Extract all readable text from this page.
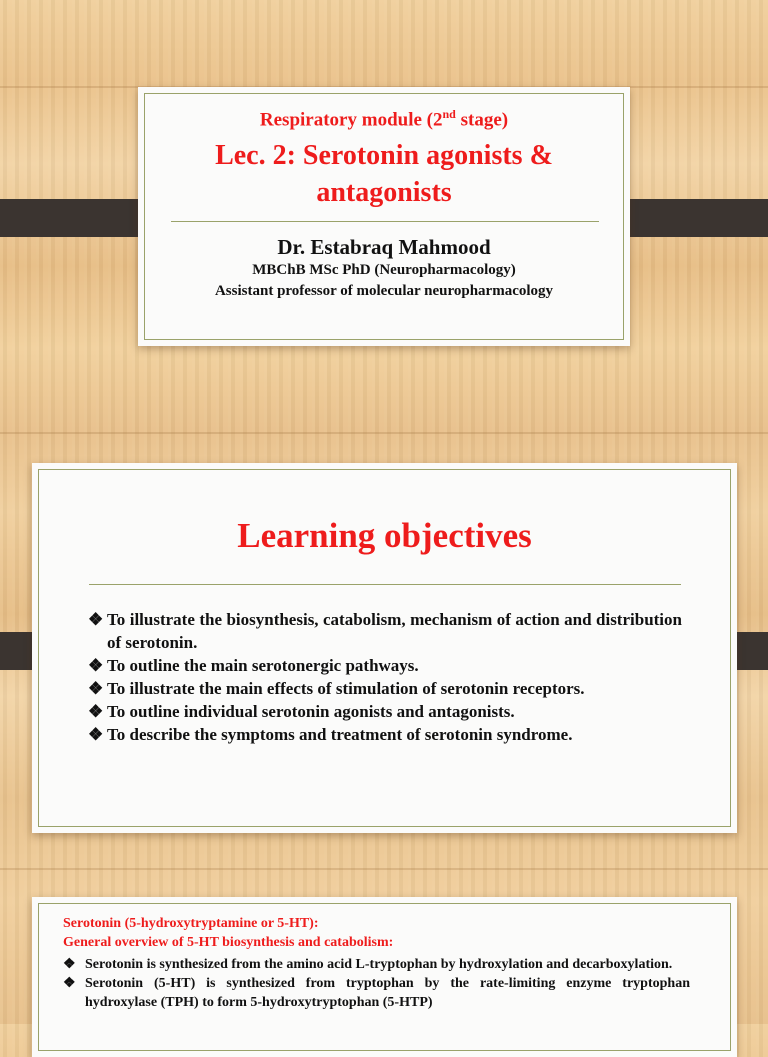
Respiratory module (2nd stage)
Lec. 2: Serotonin agonists &
antagonists
Dr. Estabraq Mahmood
MBChB MSc PhD (Neuropharmacology)
Assistant professor of molecular neuropharmacology
Learning objectives
❖ To illustrate the biosynthesis, catabolism, mechanism of action and distribution of serotonin.
❖ To outline the main serotonergic pathways.
❖ To illustrate the main effects of stimulation of serotonin receptors.
❖ To outline individual serotonin agonists and antagonists.
❖ To describe the symptoms and treatment of serotonin syndrome.
Serotonin (5-hydroxytryptamine or 5-HT):
General overview of 5-HT biosynthesis and catabolism:
❖ Serotonin is synthesized from the amino acid L-tryptophan by hydroxylation and decarboxylation.
❖ Serotonin (5-HT) is synthesized from tryptophan by the rate-limiting enzyme tryptophan hydroxylase (TPH) to form 5-hydroxytryptophan (5-HTP)
